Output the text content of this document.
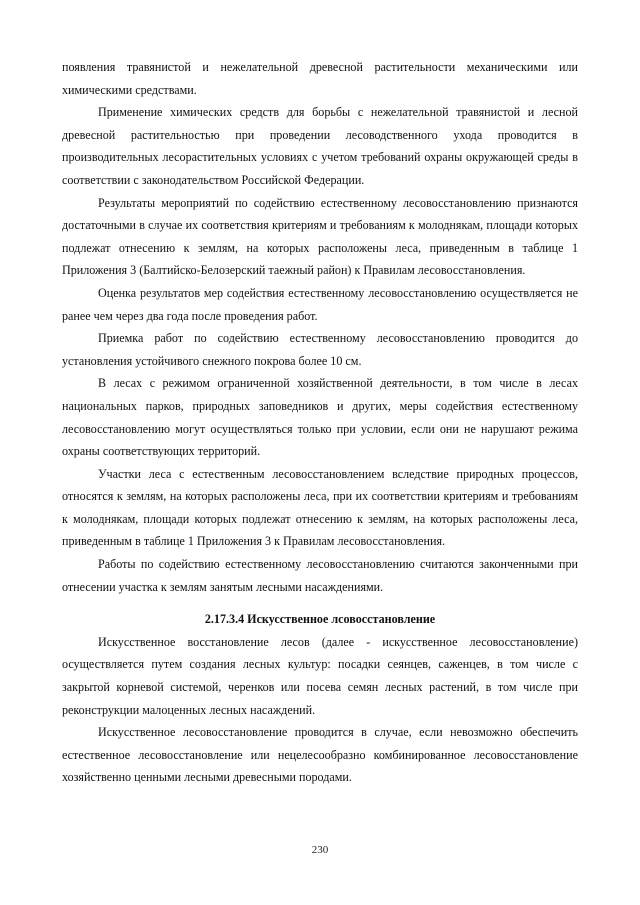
появления травянистой и нежелательной древесной растительности механическими или химическими средствами.

Применение химических средств для борьбы с нежелательной травянистой и лесной древесной растительностью при проведении лесоводственного ухода проводится в производительных лесорастительных условиях с учетом требований охраны окружающей среды в соответствии с законодательством Российской Федерации.

Результаты мероприятий по содействию естественному лесовосстановлению признаются достаточными в случае их соответствия критериям и требованиям к молоднякам, площади которых подлежат отнесению к землям, на которых расположены леса, приведенным в таблице 1 Приложения 3 (Балтийско-Белозерский таежный район) к Правилам лесовосстановления.

Оценка результатов мер содействия естественному лесовосстановлению осуществляется не ранее чем через два года после проведения работ.

Приемка работ по содействию естественному лесовосстановлению проводится до установления устойчивого снежного покрова более 10 см.

В лесах с режимом ограниченной хозяйственной деятельности, в том числе в лесах национальных парков, природных заповедников и других, меры содействия естественному лесовосстановлению могут осуществляться только при условии, если они не нарушают режима охраны соответствующих территорий.

Участки леса с естественным лесовосстановлением вследствие природных процессов, относятся к землям, на которых расположены леса, при их соответствии критериям и требованиям к молоднякам, площади которых подлежат отнесению к землям, на которых расположены леса, приведенным в таблице 1 Приложения 3 к Правилам лесовосстановления.

Работы по содействию естественному лесовосстановлению считаются законченными при отнесении участка к землям занятым лесными насаждениями.

2.17.3.4 Искусственное лсовосстановление

Искусственное восстановление лесов (далее - искусственное лесовосстановление) осуществляется путем создания лесных культур: посадки сеянцев, саженцев, в том числе с закрытой корневой системой, черенков или посева семян лесных растений, в том числе при реконструкции малоценных лесных насаждений.

Искусственное лесовосстановление проводится в случае, если невозможно обеспечить естественное лесовосстановление или нецелесообразно комбинированное лесовосстановление хозяйственно ценными лесными древесными породами.

230
